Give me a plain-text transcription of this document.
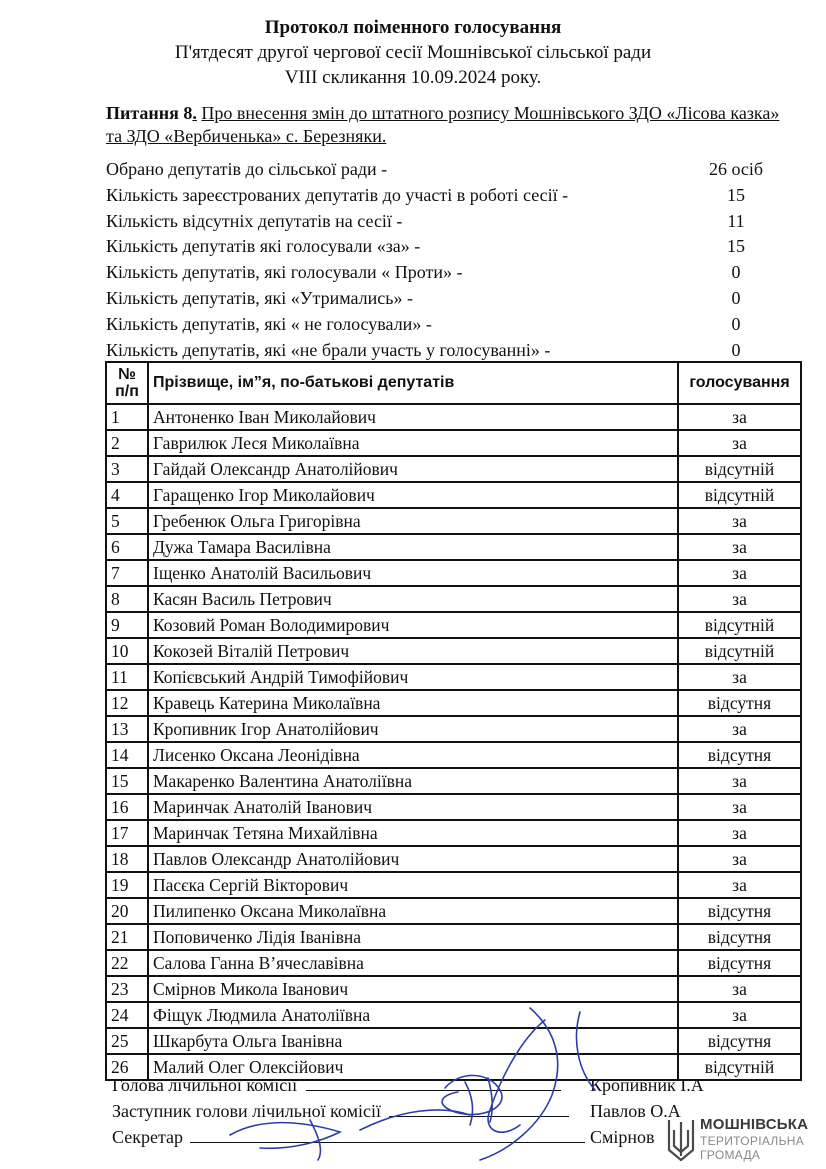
Протокол поіменного голосування
П'ятдесят другої чергової сесії Мошнівської сільської ради
VIII скликання 10.09.2024 року.
Питання 8. Про внесення змін до штатного розпису Мошнівського ЗДО «Лісова казка»
та ЗДО «Вербиченька» с. Березняки.
Обрано депутатів до сільської ради -	26 осіб
Кількість зареєстрованих депутатів до участі в роботі сесії -	15
Кількість відсутніх депутатів на сесії -	11
Кількість депутатів які голосували «за» -	15
Кількість депутатів, які голосували « Проти» -	0
Кількість депутатів, які «Утримались» -	0
Кількість депутатів, які « не голосували» -	0
Кількість депутатів, які «не брали участь у голосуванні» -	0
№
п/п	Прізвище, ім”я, по-батькові депутатів	голосування
1	Антоненко Іван Миколайович	за
2	Гаврилюк Леся Миколаївна	за
3	Гайдай Олександр Анатолійович	відсутній
4	Гаращенко Ігор Миколайович	відсутній
5	Гребенюк Ольга Григорівна	за
6	Дужа Тамара Василівна	за
7	Іщенко Анатолій Васильович	за
8	Касян Василь Петрович	за
9	Козовий Роман Володимирович	відсутній
10	Кокозей Віталій Петрович	відсутній
11	Копієвський Андрій Тимофійович	за
12	Кравець Катерина Миколаївна	відсутня
13	Кропивник Ігор Анатолійович	за
14	Лисенко Оксана Леонідівна	відсутня
15	Макаренко Валентина Анатоліївна	за
16	Маринчак Анатолій Іванович	за
17	Маринчак Тетяна Михайлівна	за
18	Павлов Олександр Анатолійович	за
19	Пасєка Сергій Вікторович	за
20	Пилипенко Оксана Миколаївна	відсутня
21	Поповиченко Лідія Іванівна	відсутня
22	Салова Ганна В’ячеславівна	відсутня
23	Смірнов Микола Іванович	за
24	Фіщук Людмила Анатоліївна	за
25	Шкарбута Ольга Іванівна	відсутня
26	Малий Олег Олексійович	відсутній
Голова лічильної комісії	Кропивник І.А
Заступник голови лічильної комісії	Павлов О.А
Секретар	Смірнов
МОШНІВСЬКА
ТЕРИТОРІАЛЬНА
ГРОМАДА
